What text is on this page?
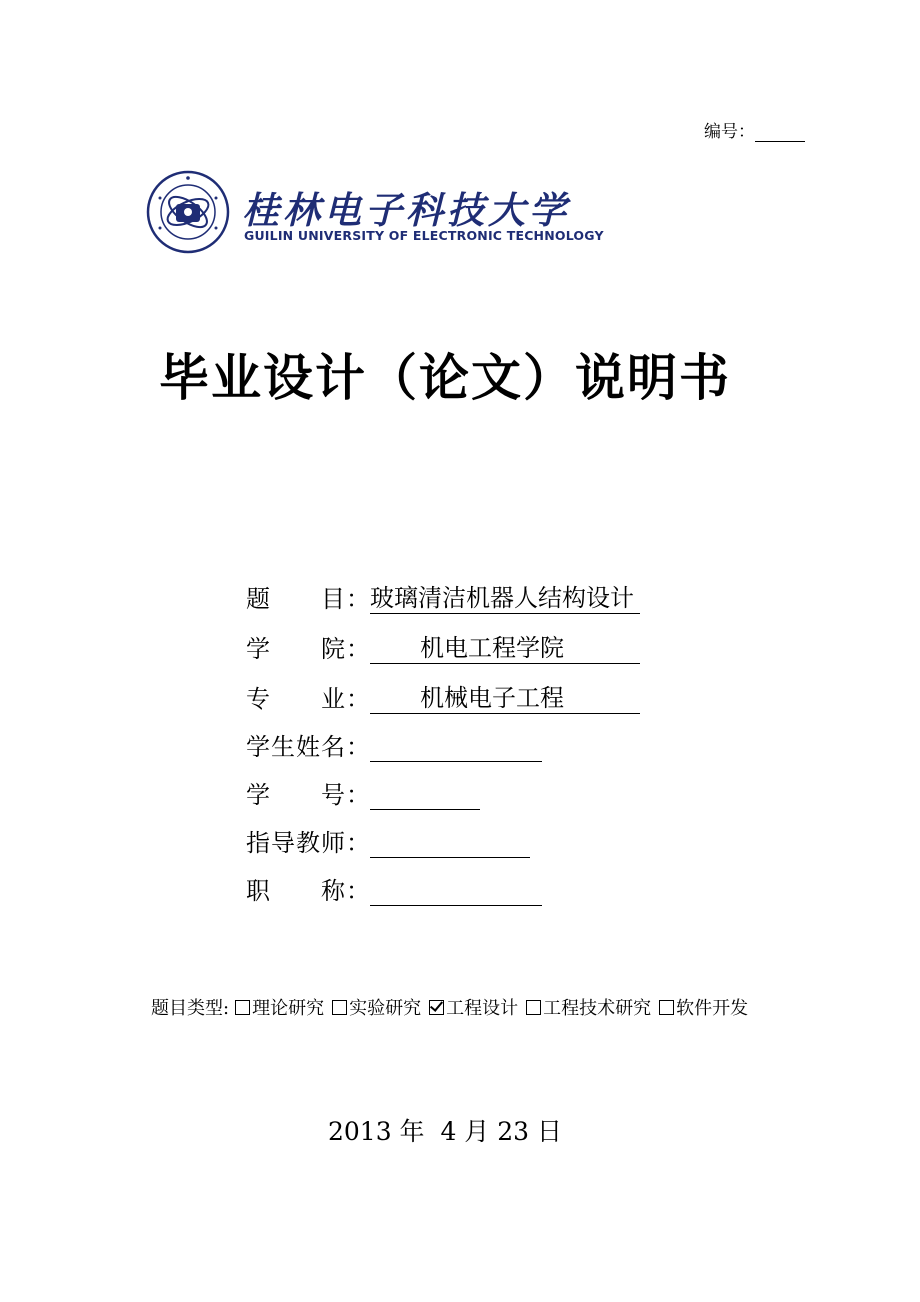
编号：
桂林电子科技大学
GUILIN UNIVERSITY OF ELECTRONIC TECHNOLOGY
毕业设计（论文）说明书
题　　目： 玻璃清洁机器人结构设计
学　　院：	机电工程学院
专　　业：	机械电子工程
学生姓名：
学　　号：
指导教师：
职　　称：
题目类型: 理论研究 实验研究 工程设计 工程技术研究 软件开发
2013 年  4 月 23 日
